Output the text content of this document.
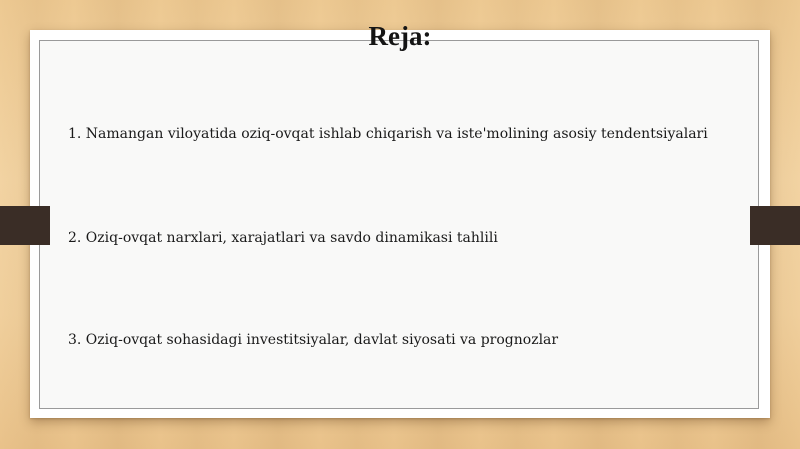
Reja:
1. Namangan viloyatida oziq-ovqat ishlab chiqarish va iste'molining asosiy tendentsiyalari
2. Oziq-ovqat narxlari, xarajatlari va savdo dinamikasi tahlili
3. Oziq-ovqat sohasidagi investitsiyalar, davlat siyosati va prognozlar
